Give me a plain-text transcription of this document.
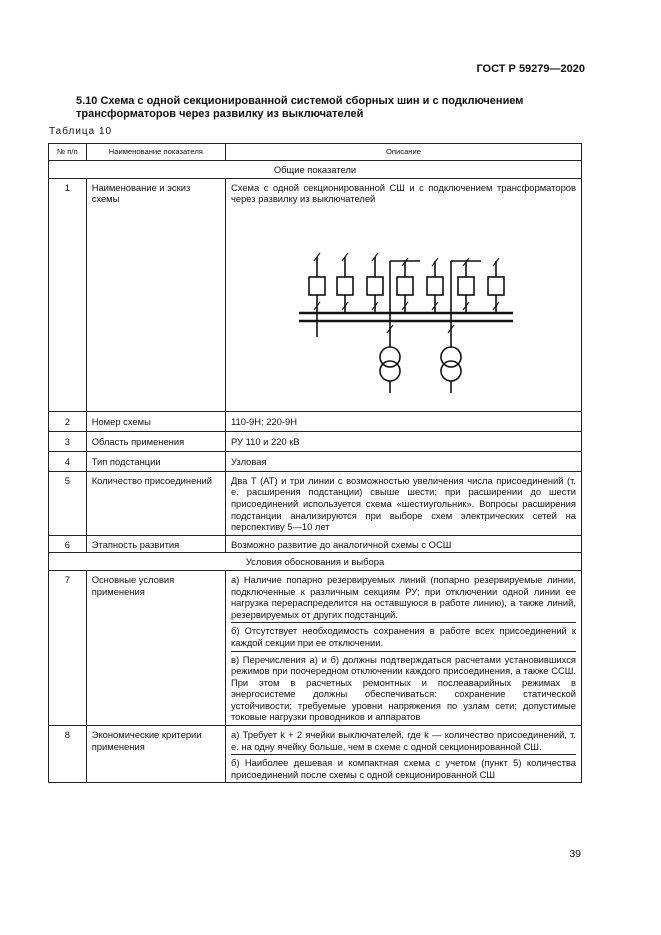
ГОСТ Р 59279—2020
5.10 Схема с одной секционированной системой сборных шин и с подключением трансформаторов через развилку из выключателей
Таблица 10
№ п/п	Наименование показателя	Описание
Общие показатели		
1	Наименование и эскиз схемы	Схема с одной секционированной СШ и с подключением трансформаторов через развилку из выключателей

2	Номер схемы	110-9Н; 220-9Н
3	Область применения	РУ 110 и 220 кВ
4	Тип подстанции	Узловая
5	Количество присоединений	Два Т (АТ) и три линии с возможностью увеличения числа присоединений (т. е. расширения подстанции) свыше шести; при расширении до шести присоединений используется схема «шестиугольник». Вопросы расширения подстанции анализируются при выборе схем электрических сетей на перспективу 5—10 лет
6	Этапность развития	Возможно развитие до аналогичной схемы с ОСШ
Условия обоснования и выбора		
7	Основные условия применения	а) Наличие попарно резервируемых линий (попарно резервируемые линии, подключенные к различным секциям РУ; при отключении одной линии ее нагрузка перераспределится на оставшуюся в работе линию), а также линий, резервируемых от других подстанций.
б) Отсутствует необходимость сохранения в работе всех присоединений к каждой секции при ее отключении.
в) Перечисления а) и б) должны подтверждаться расчетами установившихся режимов при поочередном отключении каждого присоединения, а также ССШ. При этом в расчетных ремонтных и послеаварийных режимах в энергосистеме должны обеспечиваться: сохранение статической устойчивости; требуемые уровни напряжения по узлам сети; допустимые токовые нагрузки проводников и аппаратов

8	Экономические критерии применения	а) Требует k + 2 ячейки выключателей, где k — количество присоединений, т. е. на одну ячейку больше, чем в схеме с одной секционированной СШ.
б) Наиболее дешевая и компактная схема с учетом (пункт 5) количества присоединений после схемы с одной секционированной СШ
39
